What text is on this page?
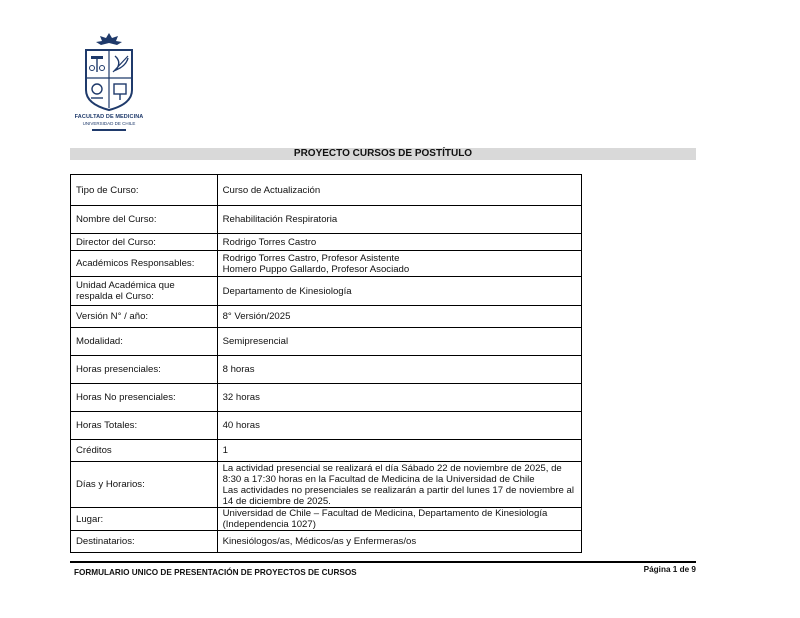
FACULTAD DE MEDICINA
UNIVERSIDAD DE CHILE
PROYECTO CURSOS DE POSTÍTULO
Tipo de Curso:	Curso de Actualización

Nombre del Curso:	Rehabilitación Respiratoria

Director del Curso:	Rodrigo Torres Castro

Académicos Responsables:	Rodrigo Torres Castro, Profesor Asistente
Homero Puppo Gallardo, Profesor Asociado

Unidad Académica que respalda el Curso:	Departamento de Kinesiología

Versión N° / año:	8° Versión/2025

Modalidad:	Semipresencial

Horas presenciales:	8 horas

Horas No presenciales:	32 horas

Horas Totales:	40 horas

Créditos	1

Días y Horarios:	La actividad presencial se realizará el día Sábado 22 de noviembre de 2025, de 8:30 a 17:30 horas en la Facultad de Medicina de la Universidad de Chile
Las actividades no presenciales se realizarán a partir del lunes 17 de noviembre al 14 de diciembre de 2025.

Lugar:	Universidad de Chile – Facultad de Medicina, Departamento de Kinesiología (Independencia 1027)

Destinatarios:	Kinesiólogos/as, Médicos/as y Enfermeras/os
FORMULARIO UNICO DE PRESENTACIÓN DE PROYECTOS DE CURSOS	Página 1 de 9
